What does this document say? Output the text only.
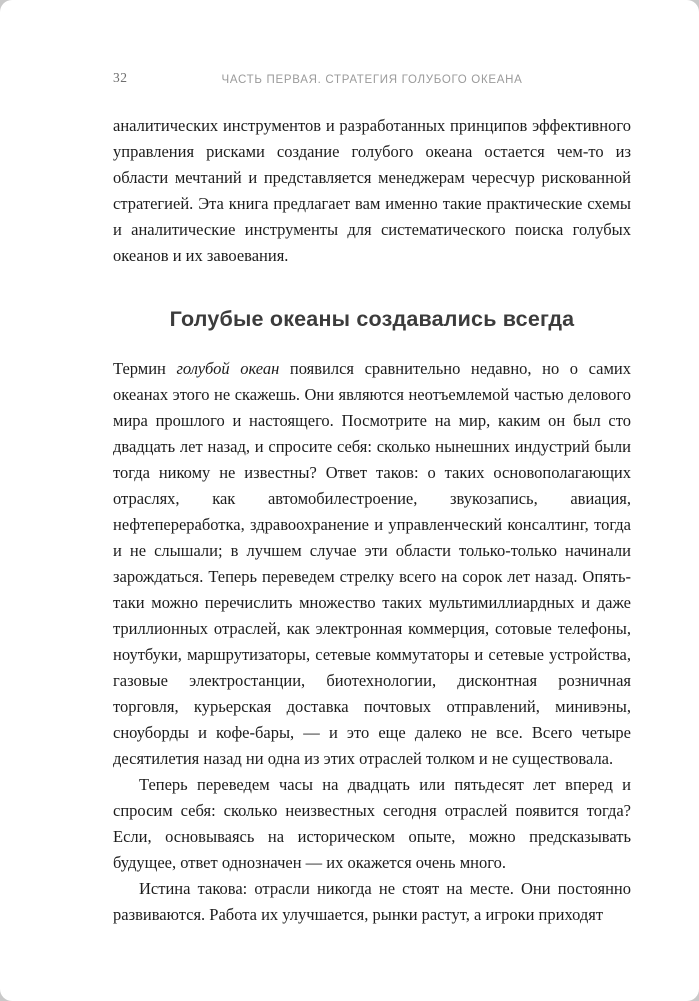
32	ЧАСТЬ ПЕРВАЯ. СТРАТЕГИЯ ГОЛУБОГО ОКЕАНА

аналитических инструментов и разработанных принципов эффективного управления рисками создание голубого океана остается чем-то из области мечтаний и представляется менеджерам чересчур рискованной стратегией. Эта книга предлагает вам именно такие практические схемы и аналитические инструменты для систематического поиска голубых океанов и их завоевания.

Голубые океаны создавались всегда

Термин голубой океан появился сравнительно недавно, но о самих океанах этого не скажешь. Они являются неотъемлемой частью делового мира прошлого и настоящего. Посмотрите на мир, каким он был сто двадцать лет назад, и спросите себя: сколько нынешних индустрий были тогда никому не известны? Ответ таков: о таких основополагающих отраслях, как автомобилестроение, звукозапись, авиация, нефтепереработка, здравоохранение и управленческий консалтинг, тогда и не слышали; в лучшем случае эти области только-только начинали зарождаться. Теперь переведем стрелку всего на сорок лет назад. Опять-таки можно перечислить множество таких мультимиллиардных и даже триллионных отраслей, как электронная коммерция, сотовые телефоны, ноутбуки, маршрутизаторы, сетевые коммутаторы и сетевые устройства, газовые электростанции, биотехнологии, дисконтная розничная торговля, курьерская доставка почтовых отправлений, минивэны, сноуборды и кофе-бары, — и это еще далеко не все. Всего четыре десятилетия назад ни одна из этих отраслей толком и не существовала.

Теперь переведем часы на двадцать или пятьдесят лет вперед и спросим себя: сколько неизвестных сегодня отраслей появится тогда? Если, основываясь на историческом опыте, можно предсказывать будущее, ответ однозначен — их окажется очень много.

Истина такова: отрасли никогда не стоят на месте. Они постоянно развиваются. Работа их улучшается, рынки растут, а игроки приходят
